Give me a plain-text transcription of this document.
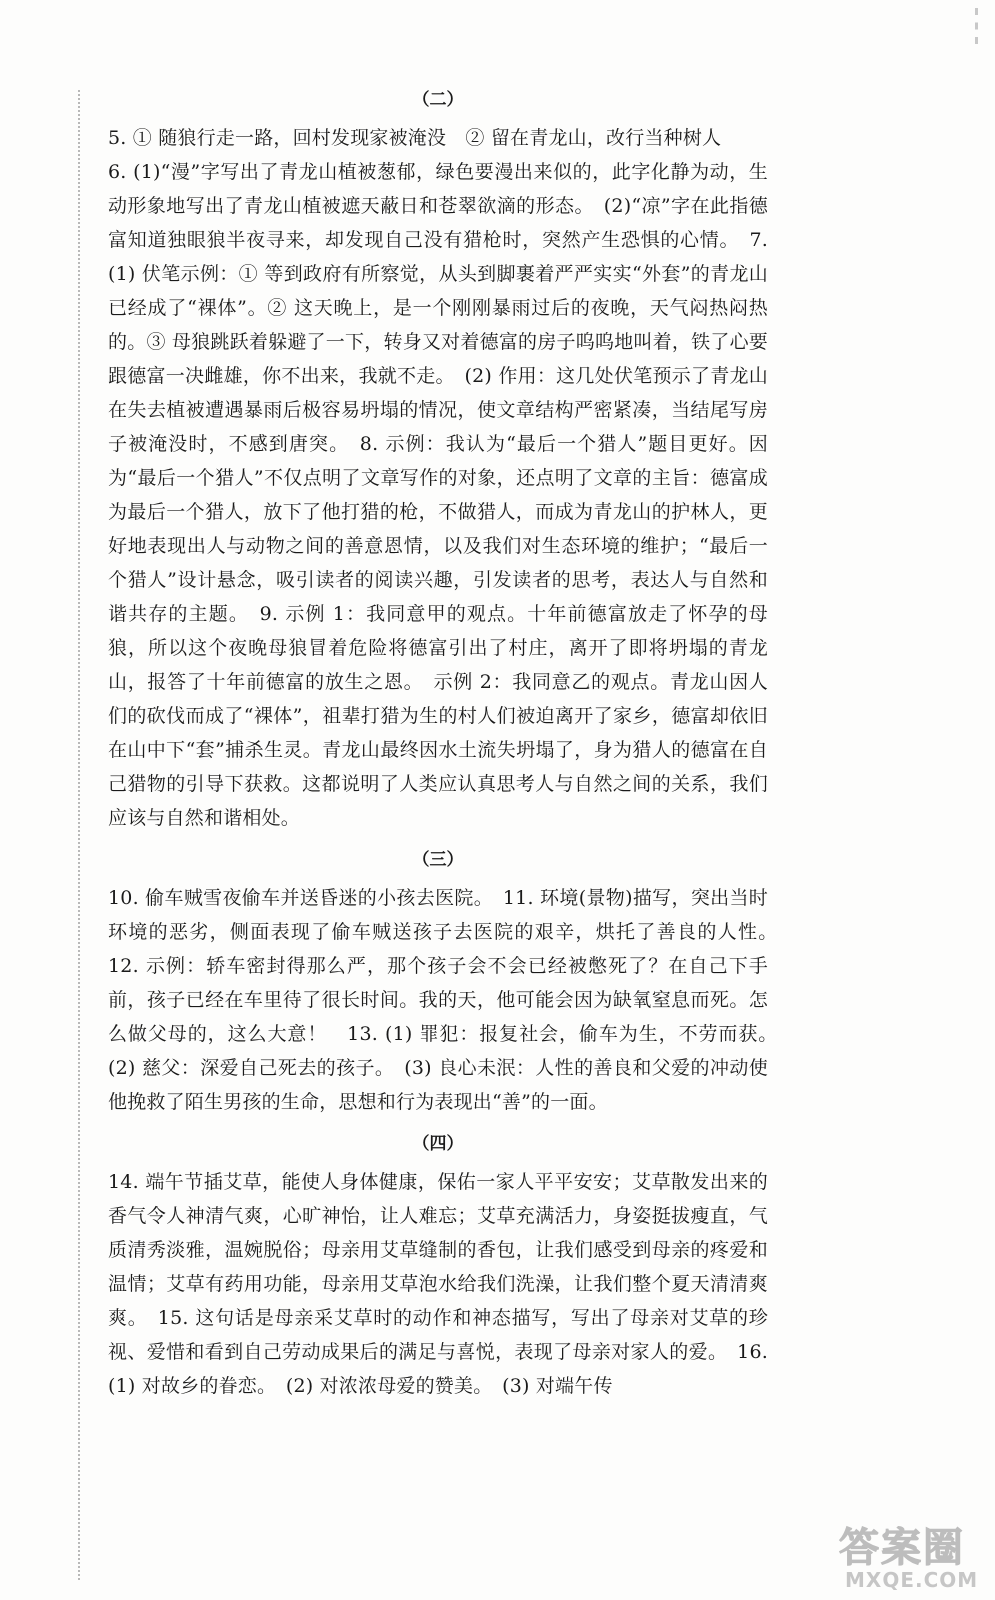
（二）

5. ① 随狼行走一路，回村发现家被淹没　② 留在青龙山，改行当种树人

6. (1)“漫”字写出了青龙山植被葱郁，绿色要漫出来似的，此字化静为动，生动形象地写出了青龙山植被遮天蔽日和苍翠欲滴的形态。　(2)“凉”字在此指德富知道独眼狼半夜寻来，却发现自己没有猎枪时，突然产生恐惧的心情。　7. (1) 伏笔示例：① 等到政府有所察觉，从头到脚裹着严严实实“外套”的青龙山已经成了“裸体”。② 这天晚上，是一个刚刚暴雨过后的夜晚，天气闷热闷热的。③ 母狼跳跃着躲避了一下，转身又对着德富的房子呜呜地叫着，铁了心要跟德富一决雌雄，你不出来，我就不走。　(2) 作用：这几处伏笔预示了青龙山在失去植被遭遇暴雨后极容易坍塌的情况，使文章结构严密紧凑，当结尾写房子被淹没时，不感到唐突。　8. 示例：我认为“最后一个猎人”题目更好。因为“最后一个猎人”不仅点明了文章写作的对象，还点明了文章的主旨：德富成为最后一个猎人，放下了他打猎的枪，不做猎人，而成为青龙山的护林人，更好地表现出人与动物之间的善意恩情，以及我们对生态环境的维护；“最后一个猎人”设计悬念，吸引读者的阅读兴趣，引发读者的思考，表达人与自然和谐共存的主题。　9. 示例 1：我同意甲的观点。十年前德富放走了怀孕的母狼，所以这个夜晚母狼冒着危险将德富引出了村庄，离开了即将坍塌的青龙山，报答了十年前德富的放生之恩。　示例 2：我同意乙的观点。青龙山因人们的砍伐而成了“裸体”，祖辈打猎为生的村人们被迫离开了家乡，德富却依旧在山中下“套”捕杀生灵。青龙山最终因水土流失坍塌了，身为猎人的德富在自己猎物的引导下获救。这都说明了人类应认真思考人与自然之间的关系，我们应该与自然和谐相处。

（三）

10. 偷车贼雪夜偷车并送昏迷的小孩去医院。　11. 环境(景物)描写，突出当时环境的恶劣，侧面表现了偷车贼送孩子去医院的艰辛，烘托了善良的人性。　12. 示例：轿车密封得那么严，那个孩子会不会已经被憋死了？在自己下手前，孩子已经在车里待了很长时间。我的天，他可能会因为缺氧窒息而死。怎么做父母的，这么大意！　13. (1) 罪犯：报复社会，偷车为生，不劳而获。　(2) 慈父：深爱自己死去的孩子。　(3) 良心未泯：人性的善良和父爱的冲动使他挽救了陌生男孩的生命，思想和行为表现出“善”的一面。

（四）

14. 端午节插艾草，能使人身体健康，保佑一家人平平安安；艾草散发出来的香气令人神清气爽，心旷神怡，让人难忘；艾草充满活力，身姿挺拔瘦直，气质清秀淡雅，温婉脱俗；母亲用艾草缝制的香包，让我们感受到母亲的疼爱和温情；艾草有药用功能，母亲用艾草泡水给我们洗澡，让我们整个夏天清清爽爽。　15. 这句话是母亲采艾草时的动作和神态描写，写出了母亲对艾草的珍视、爱惜和看到自己劳动成果后的满足与喜悦，表现了母亲对家人的爱。　16. (1) 对故乡的眷恋。　(2) 对浓浓母爱的赞美。　(3) 对端午传

答案圈
MXQE.COM
